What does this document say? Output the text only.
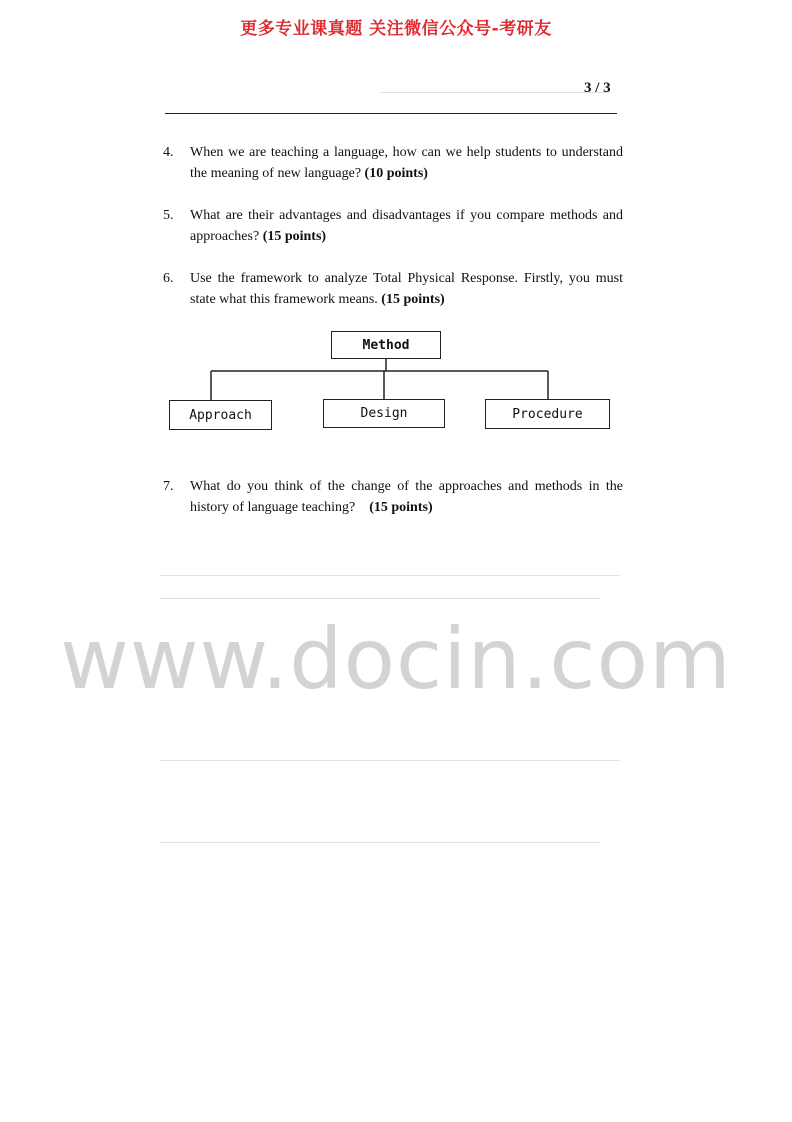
更多专业课真题 关注微信公众号-考研友
3 / 3
4. When we are teaching a language, how can we help students to understand the meaning of new language? (10 points)
5. What are their advantages and disadvantages if you compare methods and approaches? (15 points)
6. Use the framework to analyze Total Physical Response. Firstly, you must state what this framework means. (15 points)
Method
Approach	Design	Procedure
7. What do you think of the change of the approaches and methods in the history of language teaching? (15 points)
www.docin.com
